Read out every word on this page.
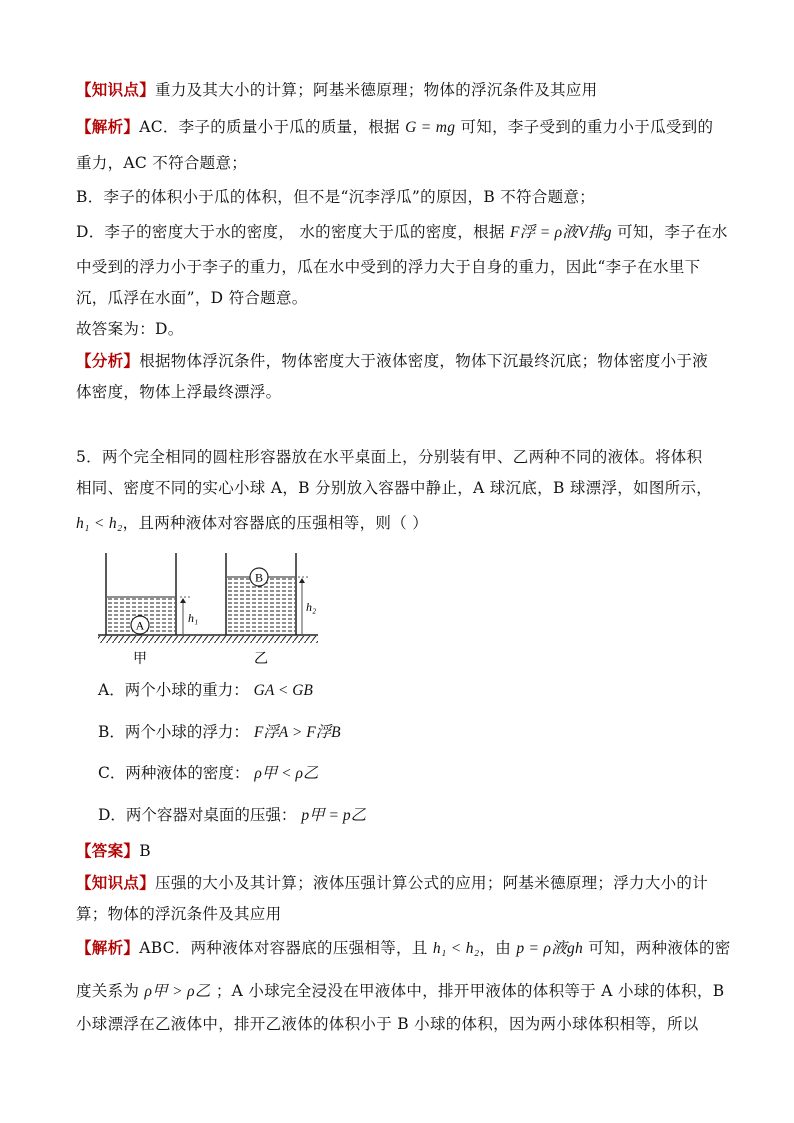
【知识点】重力及其大小的计算；阿基米德原理；物体的浮沉条件及其应用
【解析】AC．李子的质量小于瓜的质量，根据 G = mg 可知，李子受到的重力小于瓜受到的
重力，AC 不符合题意；
B．李子的体积小于瓜的体积，但不是“沉李浮瓜”的原因，B 不符合题意；
D．李子的密度大于水的密度， 水的密度大于瓜的密度，根据 F浮 = ρ液V排g 可知，李子在水
中受到的浮力小于李子的重力，瓜在水中受到的浮力大于自身的重力，因此“李子在水里下
沉，瓜浮在水面”，D 符合题意。
故答案为：D。
【分析】根据物体浮沉条件，物体密度大于液体密度，物体下沉最终沉底；物体密度小于液
体密度，物体上浮最终漂浮。
5．两个完全相同的圆柱形容器放在水平桌面上，分别装有甲、乙两种不同的液体。将体积
相同、密度不同的实心小球 A，B 分别放入容器中静止，A 球沉底，B 球漂浮，如图所示，
h₁ < h₂，且两种液体对容器底的压强相等，则（ ）
A
h₁
B
h₂
甲	乙
A．两个小球的重力： GA < GB
B．两个小球的浮力： F浮A > F浮B
C．两种液体的密度： ρ甲 < ρ乙
D．两个容器对桌面的压强： p甲 = p乙
【答案】B
【知识点】压强的大小及其计算；液体压强计算公式的应用；阿基米德原理；浮力大小的计
算；物体的浮沉条件及其应用
【解析】ABC．两种液体对容器底的压强相等，且 h₁ < h₂，由 p = ρ液gh 可知，两种液体的密
度关系为 ρ甲 > ρ乙 ；A 小球完全浸没在甲液体中，排开甲液体的体积等于 A 小球的体积，B
小球漂浮在乙液体中，排开乙液体的体积小于 B 小球的体积，因为两小球体积相等，所以
